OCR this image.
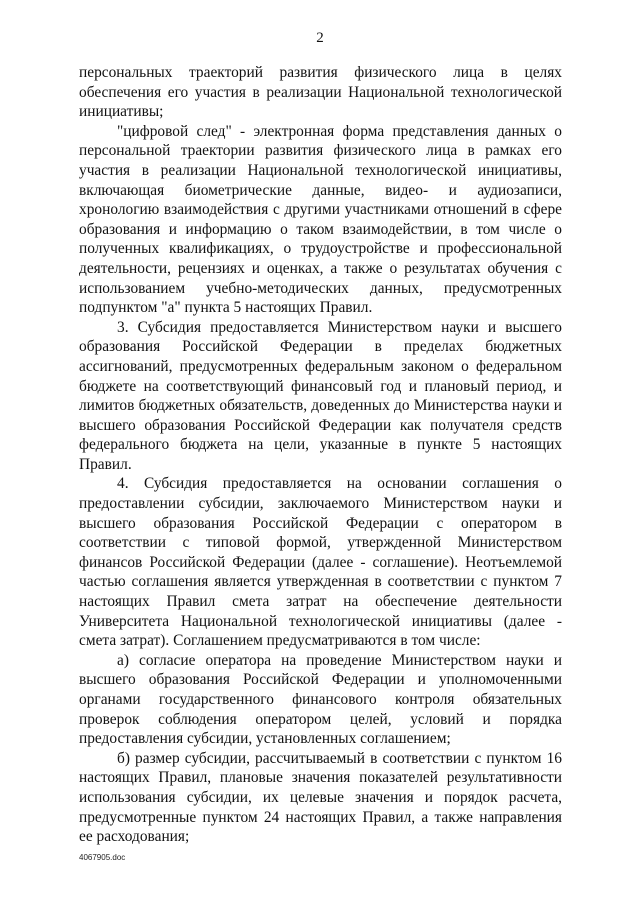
2

персональных траекторий развития физического лица в целях обеспечения его участия в реализации Национальной технологической инициативы;

"цифровой след" - электронная форма представления данных о персональной траектории развития физического лица в рамках его участия в реализации Национальной технологической инициативы, включающая биометрические данные, видео- и аудиозаписи, хронологию взаимодействия с другими участниками отношений в сфере образования и информацию о таком взаимодействии, в том числе о полученных квалификациях, о трудоустройстве и профессиональной деятельности, рецензиях и оценках, а также о результатах обучения с использованием учебно-методических данных, предусмотренных подпунктом "а" пункта 5 настоящих Правил.

3. Субсидия предоставляется Министерством науки и высшего образования Российской Федерации в пределах бюджетных ассигнований, предусмотренных федеральным законом о федеральном бюджете на соответствующий финансовый год и плановый период, и лимитов бюджетных обязательств, доведенных до Министерства науки и высшего образования Российской Федерации как получателя средств федерального бюджета на цели, указанные в пункте 5 настоящих Правил.

4. Субсидия предоставляется на основании соглашения о предоставлении субсидии, заключаемого Министерством науки и высшего образования Российской Федерации с оператором в соответствии с типовой формой, утвержденной Министерством финансов Российской Федерации (далее - соглашение). Неотъемлемой частью соглашения является утвержденная в соответствии с пунктом 7 настоящих Правил смета затрат на обеспечение деятельности Университета Национальной технологической инициативы (далее - смета затрат). Соглашением предусматриваются в том числе:

а) согласие оператора на проведение Министерством науки и высшего образования Российской Федерации и уполномоченными органами государственного финансового контроля обязательных проверок соблюдения оператором целей, условий и порядка предоставления субсидии, установленных соглашением;

б) размер субсидии, рассчитываемый в соответствии с пунктом 16 настоящих Правил, плановые значения показателей результативности использования субсидии, их целевые значения и порядок расчета, предусмотренные пунктом 24 настоящих Правил, а также направления ее расходования;

4067905.doc
